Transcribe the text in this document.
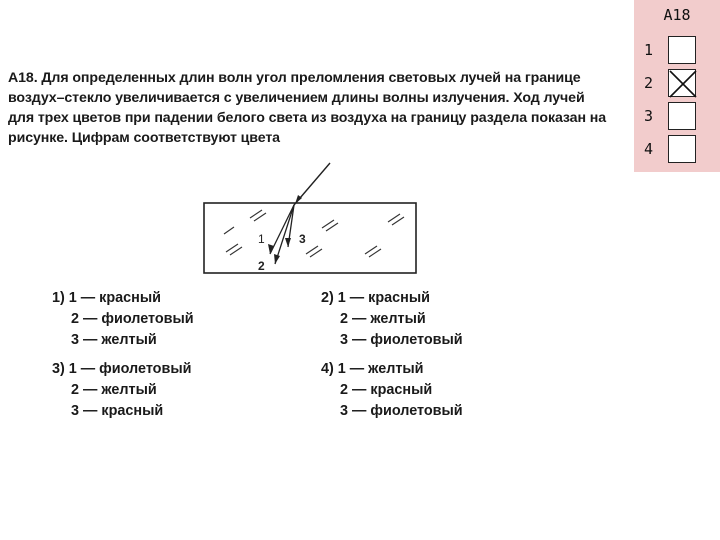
А18. Для определенных длин волн угол преломления световых лучей на границе воздух–стекло увеличивается с увеличением длины волны излучения. Ход лучей для трех цветов при падении белого света из воздуха на границу раздела показан на рисунке. Цифрам соответствуют цвета
1
2
3
1) 1 — красный
2 — фиолетовый
3 — желтый
2) 1 — красный
2 — желтый
3 — фиолетовый
3) 1 — фиолетовый
2 — желтый
3 — красный
4) 1 — желтый
2 — красный
3 — фиолетовый
А18
1
2
3
4
